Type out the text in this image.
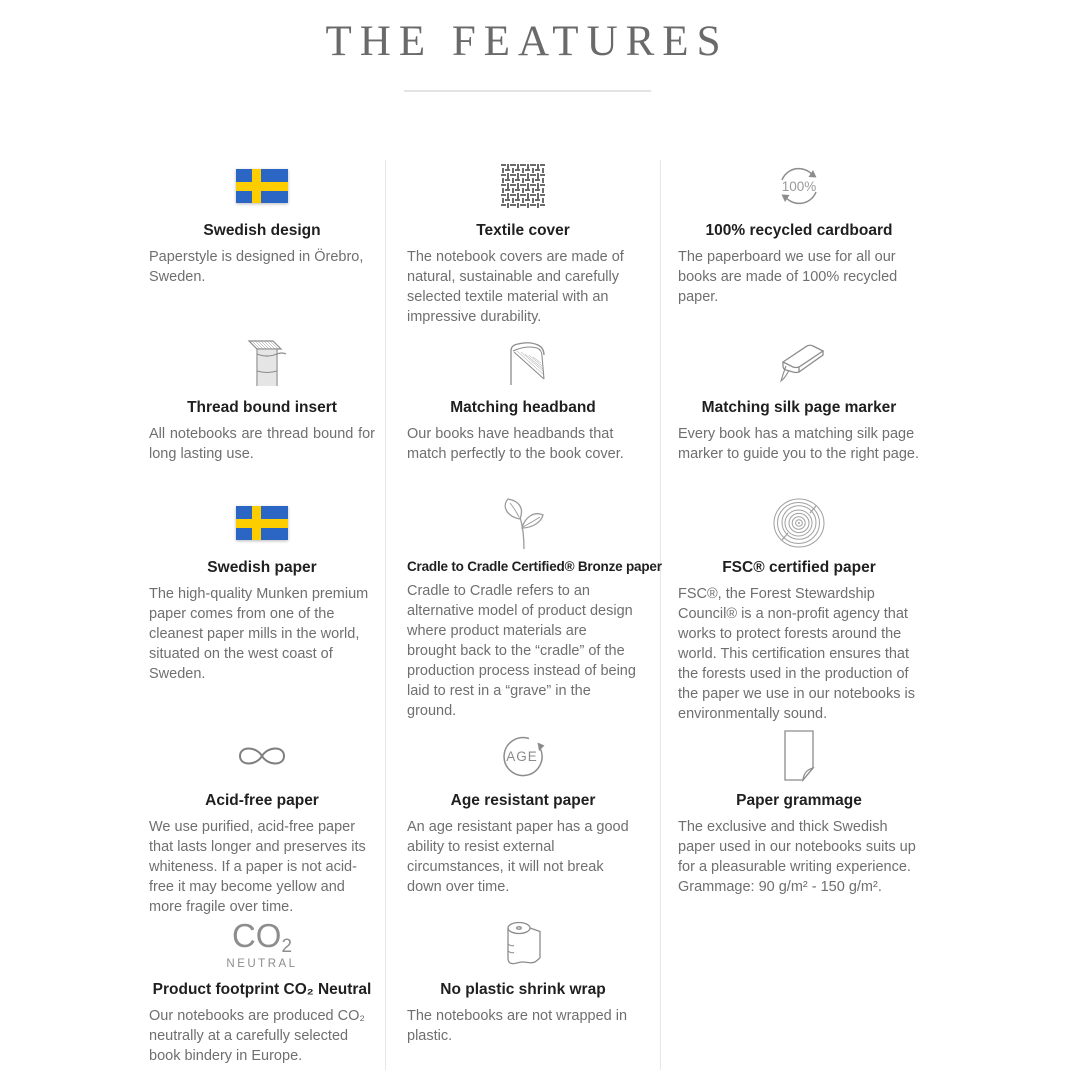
THE FEATURES
Swedish design
Paperstyle is designed in Örebro, Sweden.
Textile cover
The notebook covers are made of natural, sustainable and carefully selected textile material with an impressive durability.
100%
100% recycled cardboard
The paperboard we use for all our books are made of 100% recycled paper.
Thread bound insert
All notebooks are thread bound for long lasting use.
Matching headband
Our books have headbands that match perfectly to the book cover.
Matching silk page marker
Every book has a matching silk page marker to guide you to the right page.
Swedish paper
The high-quality Munken premium paper comes from one of the cleanest paper mills in the world, situated on the west coast of Sweden.
Cradle to Cradle Certified® Bronze paper
Cradle to Cradle refers to an alternative model of product design where product materials are brought back to the “cradle” of the production process instead of being laid to rest in a “grave” in the ground.
FSC® certified paper
FSC®, the Forest Stewardship Council® is a non-profit agency that works to protect forests around the world. This certification ensures that the forests used in the production of the paper we use in our notebooks is environmentally sound.
Acid-free paper
We use purified, acid-free paper that lasts longer and preserves its whiteness. If a paper is not acid-free it may become yellow and more fragile over time.
AGE
Age resistant paper
An age resistant paper has a good ability to resist external circumstances, it will not break down over time.
Paper grammage
The exclusive and thick Swedish paper used in our notebooks suits up for a pleasurable writing experience. Grammage: 90 g/m² - 150 g/m².
CO2
NEUTRAL
Product footprint CO₂ Neutral
Our notebooks are produced CO₂ neutrally at a carefully selected book bindery in Europe.
No plastic shrink wrap
The notebooks are not wrapped in plastic.
